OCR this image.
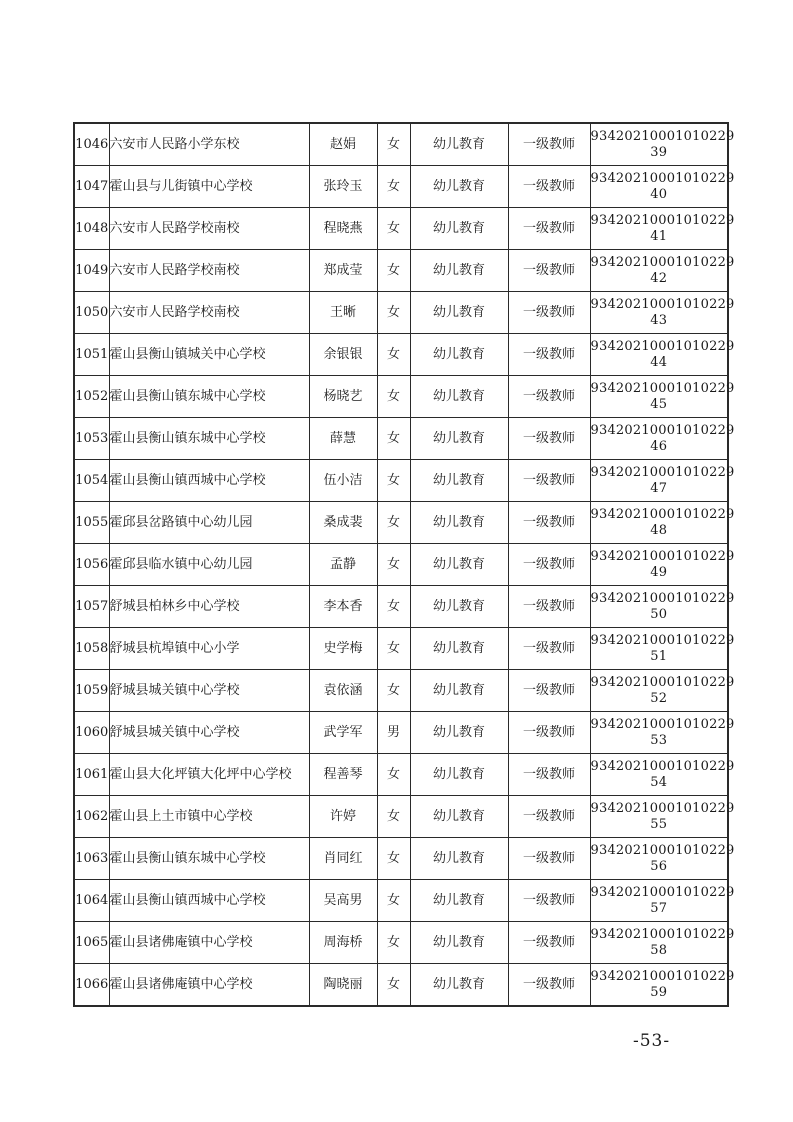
1046	六安市人民路小学东校	赵娟	女	幼儿教育	一级教师	93420210001010229
39

1047	霍山县与儿街镇中心学校	张玲玉	女	幼儿教育	一级教师	93420210001010229
40

1048	六安市人民路学校南校	程晓燕	女	幼儿教育	一级教师	93420210001010229
41

1049	六安市人民路学校南校	郑成莹	女	幼儿教育	一级教师	93420210001010229
42

1050	六安市人民路学校南校	王晰	女	幼儿教育	一级教师	93420210001010229
43

1051	霍山县衡山镇城关中心学校	余银银	女	幼儿教育	一级教师	93420210001010229
44

1052	霍山县衡山镇东城中心学校	杨晓艺	女	幼儿教育	一级教师	93420210001010229
45

1053	霍山县衡山镇东城中心学校	薛慧	女	幼儿教育	一级教师	93420210001010229
46

1054	霍山县衡山镇西城中心学校	伍小洁	女	幼儿教育	一级教师	93420210001010229
47

1055	霍邱县岔路镇中心幼儿园	桑成裴	女	幼儿教育	一级教师	93420210001010229
48

1056	霍邱县临水镇中心幼儿园	孟静	女	幼儿教育	一级教师	93420210001010229
49

1057	舒城县柏林乡中心学校	李本香	女	幼儿教育	一级教师	93420210001010229
50

1058	舒城县杭埠镇中心小学	史学梅	女	幼儿教育	一级教师	93420210001010229
51

1059	舒城县城关镇中心学校	袁依涵	女	幼儿教育	一级教师	93420210001010229
52

1060	舒城县城关镇中心学校	武学军	男	幼儿教育	一级教师	93420210001010229
53

1061	霍山县大化坪镇大化坪中心学校	程善琴	女	幼儿教育	一级教师	93420210001010229
54

1062	霍山县上土市镇中心学校	许婷	女	幼儿教育	一级教师	93420210001010229
55

1063	霍山县衡山镇东城中心学校	肖同红	女	幼儿教育	一级教师	93420210001010229
56

1064	霍山县衡山镇西城中心学校	吴高男	女	幼儿教育	一级教师	93420210001010229
57

1065	霍山县诸佛庵镇中心学校	周海桥	女	幼儿教育	一级教师	93420210001010229
58

1066	霍山县诸佛庵镇中心学校	陶晓丽	女	幼儿教育	一级教师	93420210001010229
59
-53-
